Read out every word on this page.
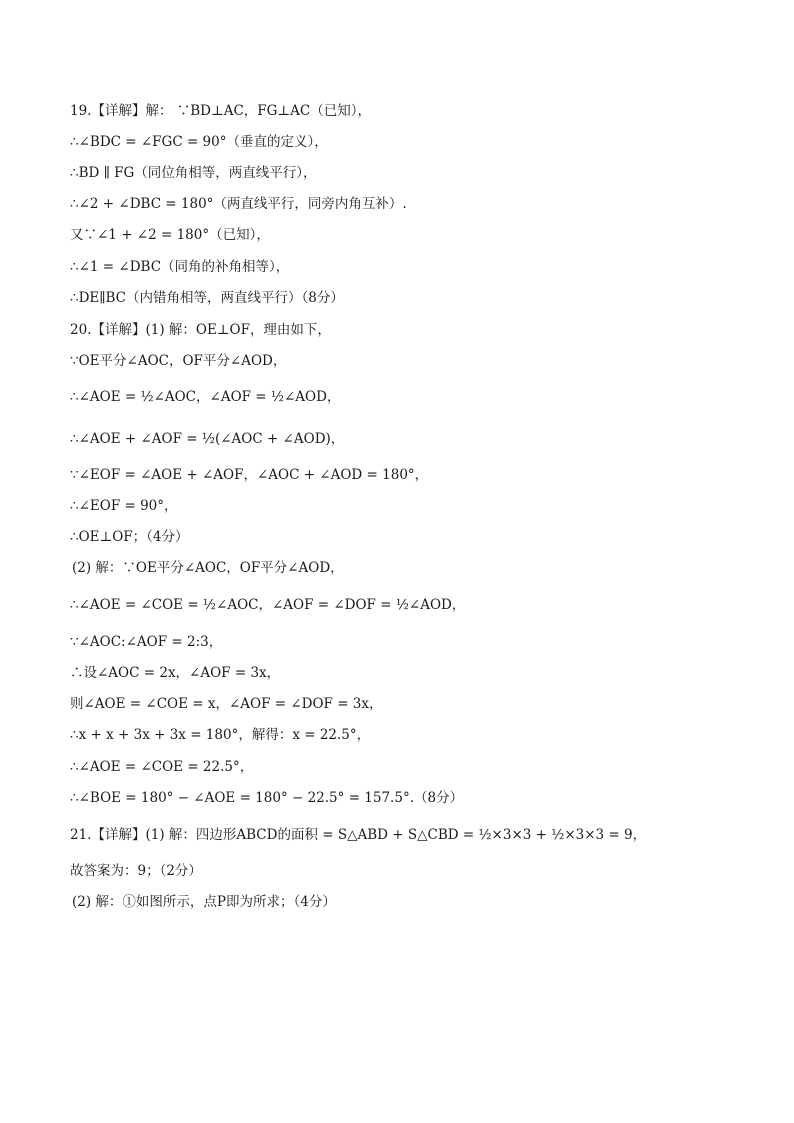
19.【详解】解： ∵BD⊥AC，FG⊥AC（已知），
∴∠BDC = ∠FGC = 90°（垂直的定义），
∴BD ∥ FG（同位角相等，两直线平行），
∴∠2 + ∠DBC = 180°（两直线平行，同旁内角互补）.
又∵∠1 + ∠2 = 180°（已知），
∴∠1 = ∠DBC（同角的补角相等），
∴DE∥BC（内错角相等，两直线平行）（8分）
20.【详解】(1) 解：OE⊥OF，理由如下，
∵OE平分∠AOC，OF平分∠AOD，
∴∠AOE = ½∠AOC，∠AOF = ½∠AOD，
∴∠AOE + ∠AOF = ½(∠AOC + ∠AOD)，
∵∠EOF = ∠AOE + ∠AOF，∠AOC + ∠AOD = 180°，
∴∠EOF = 90°，
∴OE⊥OF；（4分）
(2) 解：∵OE平分∠AOC，OF平分∠AOD，
∴∠AOE = ∠COE = ½∠AOC，∠AOF = ∠DOF = ½∠AOD，
∵∠AOC:∠AOF = 2:3，
∴设∠AOC = 2x，∠AOF = 3x，
则∠AOE = ∠COE = x，∠AOF = ∠DOF = 3x，
∴x + x + 3x + 3x = 180°，解得：x = 22.5°，
∴∠AOE = ∠COE = 22.5°，
∴∠BOE = 180° − ∠AOE = 180° − 22.5° = 157.5°.（8分）
21.【详解】(1) 解：四边形ABCD的面积 = S△ABD + S△CBD = ½×3×3 + ½×3×3 = 9，
故答案为：9；（2分）
(2) 解：①如图所示，点P即为所求；（4分）
